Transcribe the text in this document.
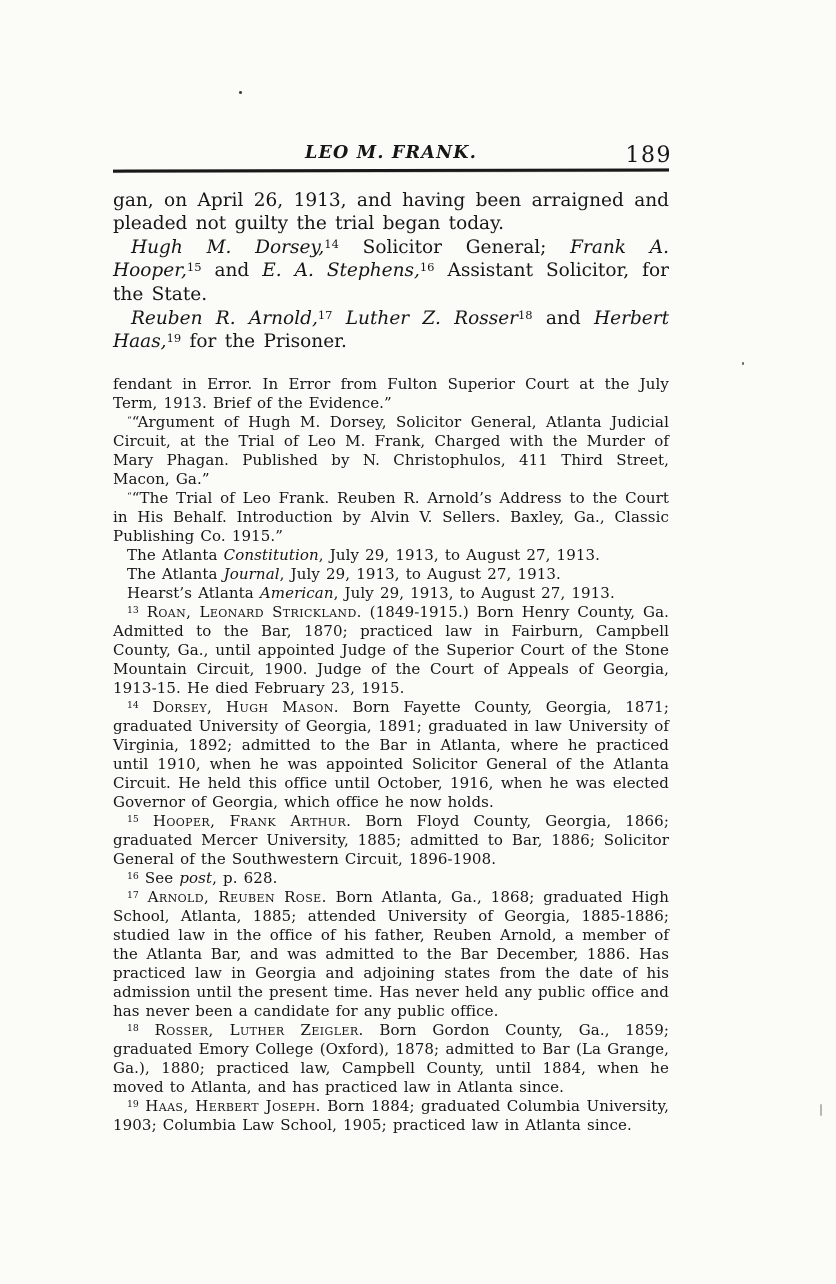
LEO M. FRANK.	189

gan, on April 26, 1913, and having been arraigned and pleaded not guilty the trial began today.

Hugh M. Dorsey,$^{14}$ Solicitor General; Frank A. Hooper,$^{15}$ and E. A. Stephens,$^{16}$ Assistant Solicitor, for the State.

Reuben R. Arnold,$^{17}$ Luther Z. Rosser$^{18}$ and Herbert Haas,$^{19}$ for the Prisoner.

fendant in Error. In Error from Fulton Superior Court at the July Term, 1913. Brief of the Evidence.”

““Argument of Hugh M. Dorsey, Solicitor General, Atlanta Judicial Circuit, at the Trial of Leo M. Frank, Charged with the Murder of Mary Phagan. Published by N. Christophulos, 411 Third Street, Macon, Ga.”

““The Trial of Leo Frank. Reuben R. Arnold’s Address to the Court in His Behalf. Introduction by Alvin V. Sellers. Baxley, Ga., Classic Publishing Co. 1915.”

The Atlanta Constitution, July 29, 1913, to August 27, 1913.

The Atlanta Journal, July 29, 1913, to August 27, 1913.

Hearst’s Atlanta American, July 29, 1913, to August 27, 1913.

$^{13}$ Roan, Leonard Strickland. (1849-1915.) Born Henry County, Ga. Admitted to the Bar, 1870; practiced law in Fairburn, Campbell County, Ga., until appointed Judge of the Superior Court of the Stone Mountain Circuit, 1900. Judge of the Court of Appeals of Georgia, 1913-15. He died February 23, 1915.

$^{14}$ Dorsey, Hugh Mason. Born Fayette County, Georgia, 1871; graduated University of Georgia, 1891; graduated in law University of Virginia, 1892; admitted to the Bar in Atlanta, where he practiced until 1910, when he was appointed Solicitor General of the Atlanta Circuit. He held this office until October, 1916, when he was elected Governor of Georgia, which office he now holds.

$^{15}$ Hooper, Frank Arthur. Born Floyd County, Georgia, 1866; graduated Mercer University, 1885; admitted to Bar, 1886; Solicitor General of the Southwestern Circuit, 1896-1908.

$^{16}$ See post, p. 628.

$^{17}$ Arnold, Reuben Rose. Born Atlanta, Ga., 1868; graduated High School, Atlanta, 1885; attended University of Georgia, 1885-1886; studied law in the office of his father, Reuben Arnold, a member of the Atlanta Bar, and was admitted to the Bar December, 1886. Has practiced law in Georgia and adjoining states from the date of his admission until the present time. Has never held any public office and has never been a candidate for any public office.

$^{18}$ Rosser, Luther Zeigler. Born Gordon County, Ga., 1859; graduated Emory College (Oxford), 1878; admitted to Bar (La Grange, Ga.), 1880; practiced law, Campbell County, until 1884, when he moved to Atlanta, and has practiced law in Atlanta since.

$^{19}$ Haas, Herbert Joseph. Born 1884; graduated Columbia University, 1903; Columbia Law School, 1905; practiced law in Atlanta since.
